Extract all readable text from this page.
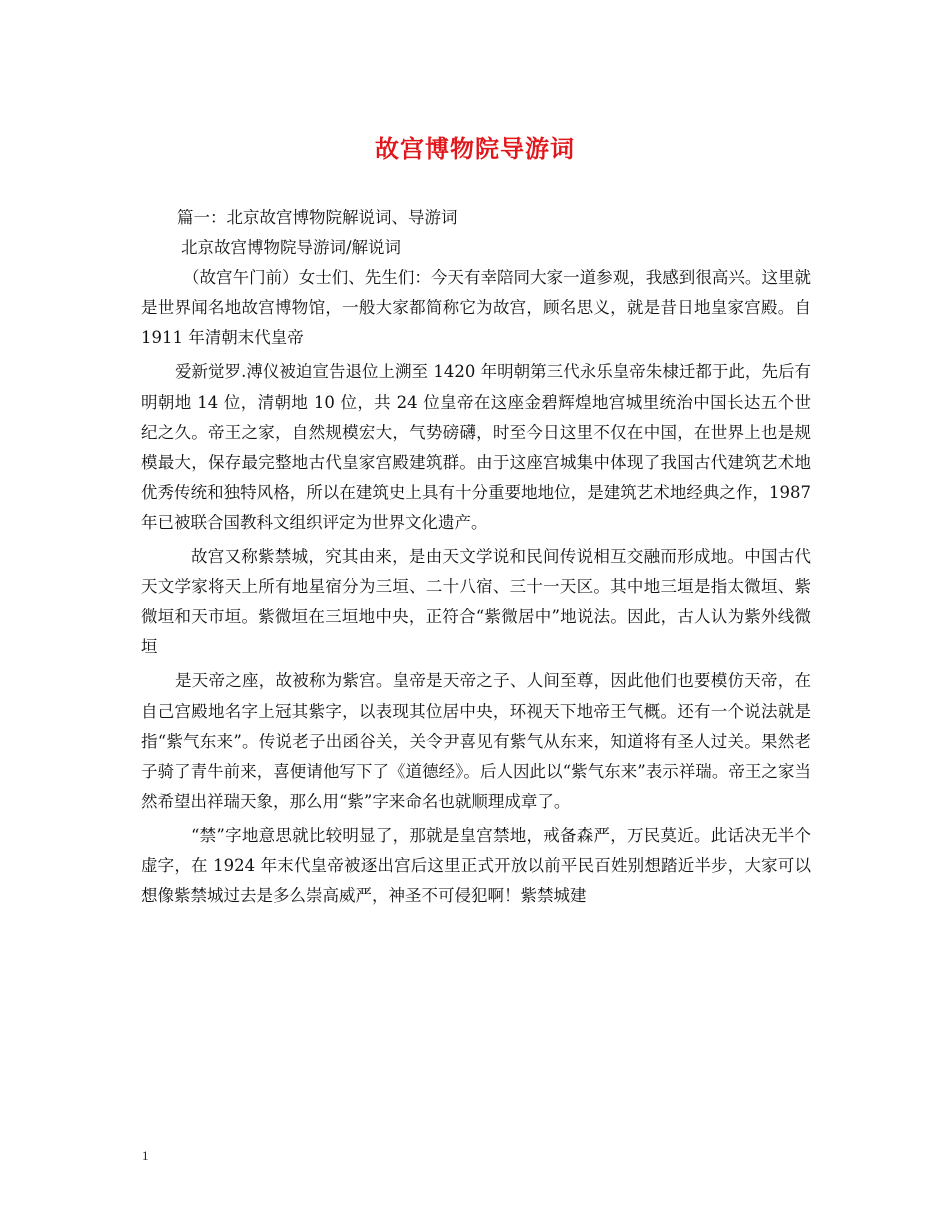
故宫博物院导游词

篇一：北京故宫博物院解说词、导游词

北京故宫博物院导游词/解说词

（故宫午门前）女士们、先生们：今天有幸陪同大家一道参观，我感到很高兴。这里就是世界闻名地故宫博物馆，一般大家都简称它为故宫，顾名思义，就是昔日地皇家宫殿。自 1911 年清朝末代皇帝

爱新觉罗.溥仪被迫宣告退位上溯至 1420 年明朝第三代永乐皇帝朱棣迁都于此，先后有明朝地 14 位，清朝地 10 位，共 24 位皇帝在这座金碧辉煌地宫城里统治中国长达五个世纪之久。帝王之家，自然规模宏大，气势磅礴，时至今日这里不仅在中国，在世界上也是规模最大，保存最完整地古代皇家宫殿建筑群。由于这座宫城集中体现了我国古代建筑艺术地优秀传统和独特风格，所以在建筑史上具有十分重要地地位，是建筑艺术地经典之作，1987 年已被联合国教科文组织评定为世界文化遗产。

故宫又称紫禁城，究其由来，是由天文学说和民间传说相互交融而形成地。中国古代天文学家将天上所有地星宿分为三垣、二十八宿、三十一天区。其中地三垣是指太微垣、紫微垣和天市垣。紫微垣在三垣地中央，正符合“紫微居中”地说法。因此，古人认为紫外线微垣

是天帝之座，故被称为紫宫。皇帝是天帝之子、人间至尊，因此他们也要模仿天帝，在自己宫殿地名字上冠其紫字，以表现其位居中央，环视天下地帝王气概。还有一个说法就是指“紫气东来”。传说老子出函谷关，关令尹喜见有紫气从东来，知道将有圣人过关。果然老子骑了青牛前来，喜便请他写下了《道德经》。后人因此以“紫气东来”表示祥瑞。帝王之家当然希望出祥瑞天象，那么用“紫”字来命名也就顺理成章了。

“禁”字地意思就比较明显了，那就是皇宫禁地，戒备森严，万民莫近。此话决无半个虚字，在 1924 年末代皇帝被逐出宫后这里正式开放以前平民百姓别想踏近半步，大家可以想像紫禁城过去是多么崇高威严，神圣不可侵犯啊！紫禁城建

1
